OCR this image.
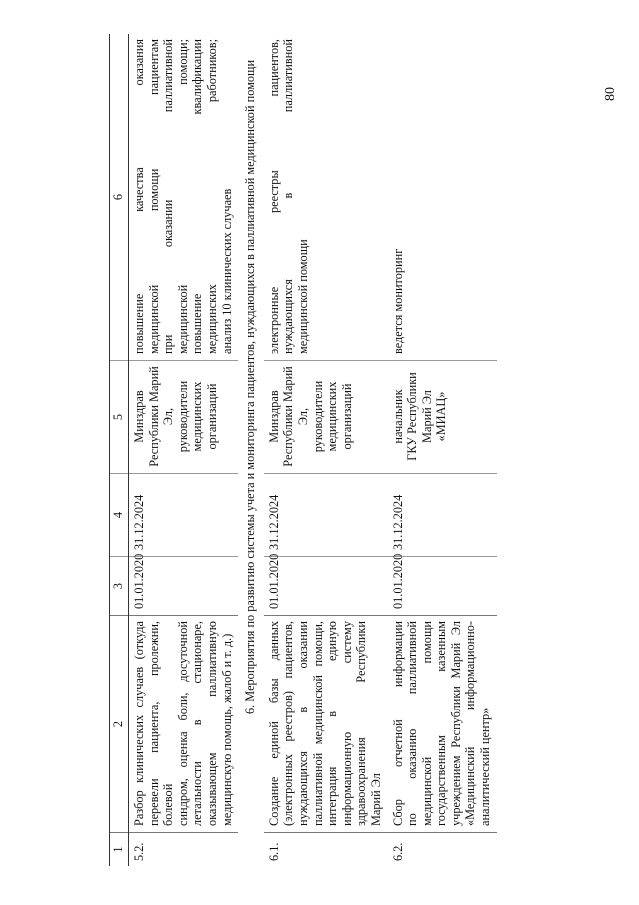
80
1
2
3
4
5
6
5.2.
Разбор клинических случаев (откуда перевели пациента, пролежни, болевой синдром, оценка боли, досуточной летальности в стационаре, оказывающем паллиативную медицинскую помощь, жалоб и т. д.)
01.01.2020
31.12.2024
Минздрав Республики Марий Эл, руководители медицинских организаций
повышение качества оказания медицинской помощи пациентам при оказании паллиативной медицинской помощи; повышение квалификации медицинских работников; анализ 10 клинических случаев 6. Мероприятия по развитию системы учета и мониторинга пациентов, нуждающихся в паллиативной медицинской помощи
6.1.
Создание единой базы данных (электронных реестров) пациентов, нуждающихся в оказании паллиативной медицинской помощи, интеграция в единую информационную систему здравоохранения Республики Марий Эл
01.01.2020
31.12.2024
Минздрав Республики Марий Эл, руководители медицинских организаций
электронные реестры пациентов, нуждающихся в паллиативной медицинской помощи
6.2.
Сбор отчетной информации по оказанию паллиативной медицинской помощи государственным казенным учреждением Республики Марий Эл «Медицинский информационно- аналитический центр»
01.01.2020
31.12.2024
начальник ГКУ Республики Марий Эл «МИАЦ»
ведется мониторинг
